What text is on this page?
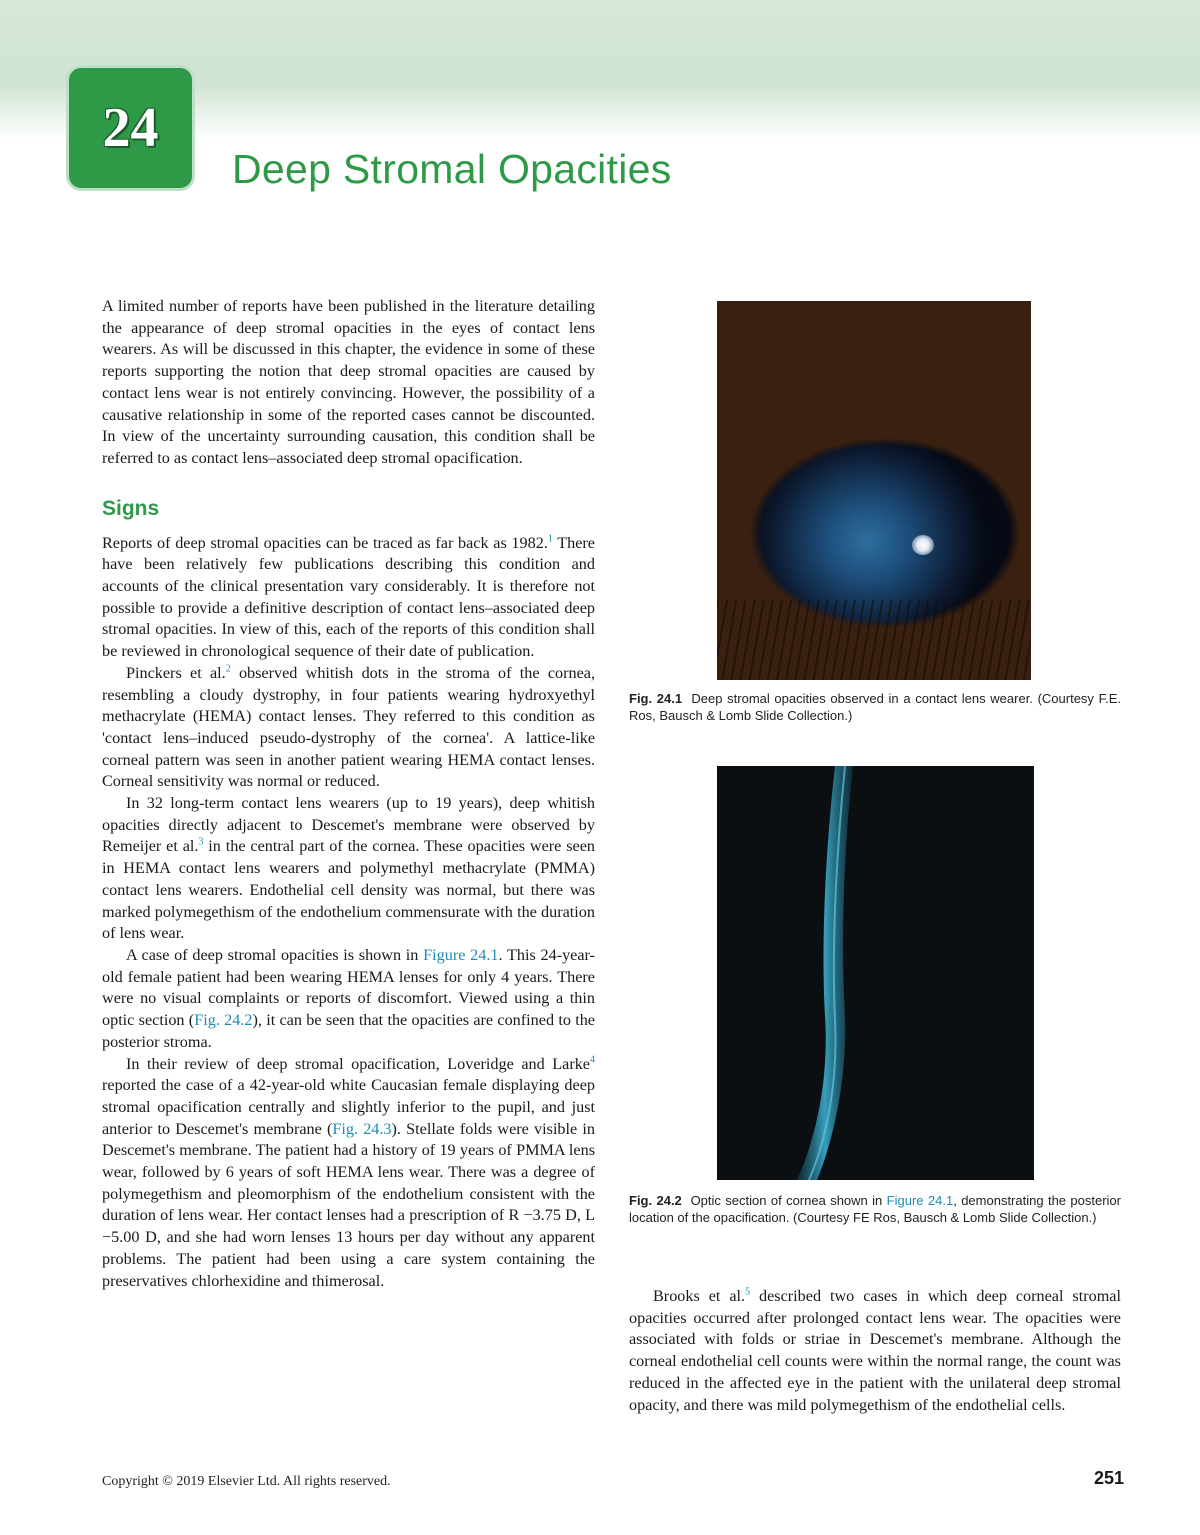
24
Deep Stromal Opacities

A limited number of reports have been published in the literature detailing the appearance of deep stromal opacities in the eyes of contact lens wearers. As will be discussed in this chapter, the evidence in some of these reports supporting the notion that deep stromal opacities are caused by contact lens wear is not entirely convincing. However, the possibility of a causative relationship in some of the reported cases cannot be discounted. In view of the uncertainty surrounding causation, this condition shall be referred to as contact lens–associated deep stromal opacification.

Signs

Reports of deep stromal opacities can be traced as far back as 1982.$^1$ There have been relatively few publications describing this condition and accounts of the clinical presentation vary considerably. It is therefore not possible to provide a definitive description of contact lens–associated deep stromal opacities. In view of this, each of the reports of this condition shall be reviewed in chronological sequence of their date of publication.

Pinckers et al.$^2$ observed whitish dots in the stroma of the cornea, resembling a cloudy dystrophy, in four patients wearing hydroxyethyl methacrylate (HEMA) contact lenses. They referred to this condition as 'contact lens–induced pseudo-dystrophy of the cornea'. A lattice-like corneal pattern was seen in another patient wearing HEMA contact lenses. Corneal sensitivity was normal or reduced.

In 32 long-term contact lens wearers (up to 19 years), deep whitish opacities directly adjacent to Descemet's membrane were observed by Remeijer et al.$^3$ in the central part of the cornea. These opacities were seen in HEMA contact lens wearers and polymethyl methacrylate (PMMA) contact lens wearers. Endothelial cell density was normal, but there was marked polymegethism of the endothelium commensurate with the duration of lens wear.

A case of deep stromal opacities is shown in Figure 24.1. This 24-year-old female patient had been wearing HEMA lenses for only 4 years. There were no visual complaints or reports of discomfort. Viewed using a thin optic section (Fig. 24.2), it can be seen that the opacities are confined to the posterior stroma.

In their review of deep stromal opacification, Loveridge and Larke$^4$ reported the case of a 42-year-old white Caucasian female displaying deep stromal opacification centrally and slightly inferior to the pupil, and just anterior to Descemet's membrane (Fig. 24.3). Stellate folds were visible in Descemet's membrane. The patient had a history of 19 years of PMMA lens wear, followed by 6 years of soft HEMA lens wear. There was a degree of polymegethism and pleomorphism of the endothelium consistent with the duration of lens wear. Her contact lenses had a prescription of R −3.75 D, L −5.00 D, and she had worn lenses 13 hours per day without any apparent problems. The patient had been using a care system containing the preservatives chlorhexidine and thimerosal.

Fig. 24.1 Deep stromal opacities observed in a contact lens wearer. (Courtesy F.E. Ros, Bausch & Lomb Slide Collection.)
Fig. 24.2 Optic section of cornea shown in Figure 24.1, demonstrating the posterior location of the opacification. (Courtesy FE Ros, Bausch & Lomb Slide Collection.)

Brooks et al.$^5$ described two cases in which deep corneal stromal opacities occurred after prolonged contact lens wear. The opacities were associated with folds or striae in Descemet's membrane. Although the corneal endothelial cell counts were within the normal range, the count was reduced in the affected eye in the patient with the unilateral deep stromal opacity, and there was mild polymegethism of the endothelial cells.

Copyright © 2019 Elsevier Ltd. All rights reserved.	251
